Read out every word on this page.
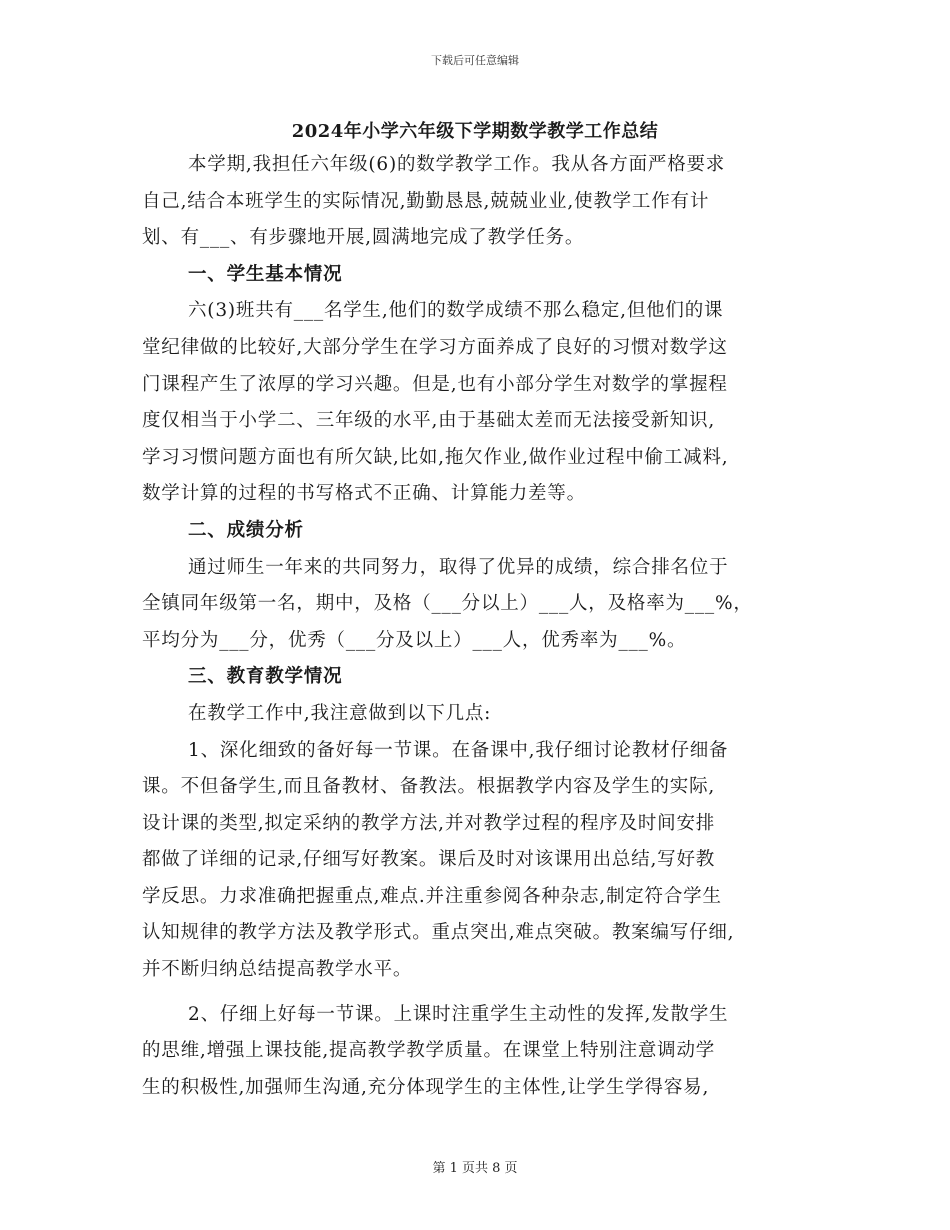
下载后可任意编辑
2024年小学六年级下学期数学教学工作总结
本学期,我担任六年级(6)的数学教学工作。我从各方面严格要求
自己,结合本班学生的实际情况,勤勤恳恳,兢兢业业,使教学工作有计
划、有___、有步骤地开展,圆满地完成了教学任务。
一、学生基本情况
六(3)班共有___名学生,他们的数学成绩不那么稳定,但他们的课
堂纪律做的比较好,大部分学生在学习方面养成了良好的习惯对数学这
门课程产生了浓厚的学习兴趣。但是,也有小部分学生对数学的掌握程
度仅相当于小学二、三年级的水平,由于基础太差而无法接受新知识,
学习习惯问题方面也有所欠缺,比如,拖欠作业,做作业过程中偷工减料,
数学计算的过程的书写格式不正确、计算能力差等。
二、成绩分析
通过师生一年来的共同努力，取得了优异的成绩，综合排名位于
全镇同年级第一名，期中，及格（___分以上）___人，及格率为___%，
平均分为___分，优秀（___分及以上）___人，优秀率为___%。
三、教育教学情况
在教学工作中,我注意做到以下几点:
1、深化细致的备好每一节课。在备课中,我仔细讨论教材仔细备
课。不但备学生,而且备教材、备教法。根据教学内容及学生的实际,
设计课的类型,拟定采纳的教学方法,并对教学过程的程序及时间安排
都做了详细的记录,仔细写好教案。课后及时对该课用出总结,写好教
学反思。力求准确把握重点,难点.并注重参阅各种杂志,制定符合学生
认知规律的教学方法及教学形式。重点突出,难点突破。教案编写仔细,
并不断归纳总结提高教学水平。
2、仔细上好每一节课。上课时注重学生主动性的发挥,发散学生
的思维,增强上课技能,提高教学教学质量。在课堂上特别注意调动学
生的积极性,加强师生沟通,充分体现学生的主体性,让学生学得容易,
第 1 页共 8 页
